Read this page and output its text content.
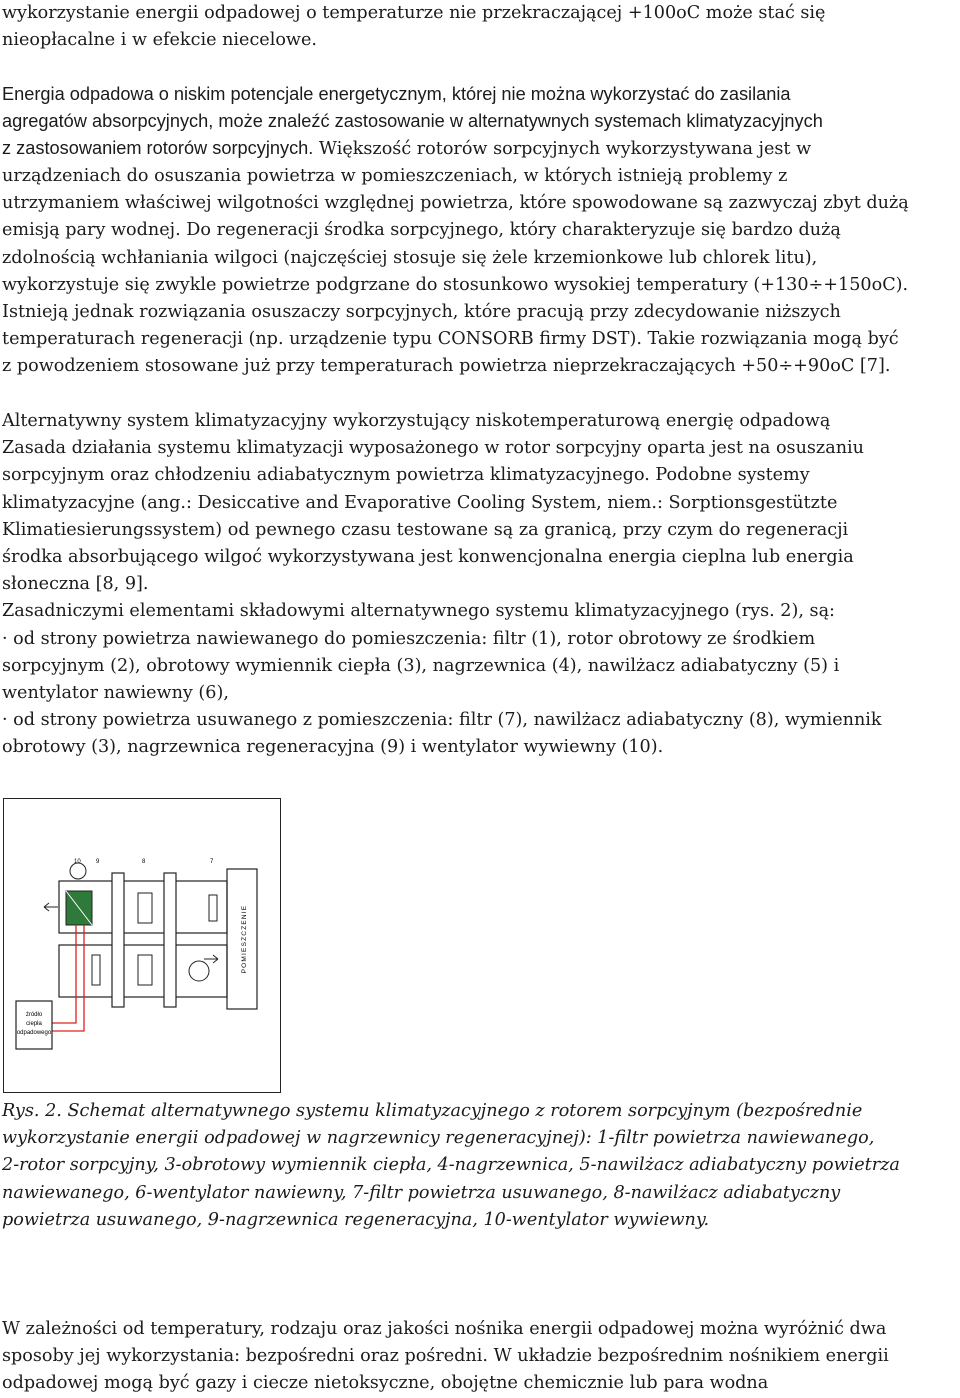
wykorzystanie energii odpadowej o temperaturze nie przekraczającej +100oC może stać się
nieopłacalne i w efekcie niecelowe.

Energia odpadowa o niskim potencjale energetycznym, której nie można wykorzystać do zasilania
agregatów absorpcyjnych, może znaleźć zastosowanie w alternatywnych systemach klimatyzacyjnych
z zastosowaniem rotorów sorpcyjnych. Większość rotorów sorpcyjnych wykorzystywana jest w

urządzeniach do osuszania powietrza w pomieszczeniach, w których istnieją problemy z
utrzymaniem właściwej wilgotności względnej powietrza, które spowodowane są zazwyczaj zbyt dużą
emisją pary wodnej. Do regeneracji środka sorpcyjnego, który charakteryzuje się bardzo dużą
zdolnością wchłaniania wilgoci (najczęściej stosuje się żele krzemionkowe lub chlorek litu),
wykorzystuje się zwykle powietrze podgrzane do stosunkowo wysokiej temperatury (+130÷+150oC).
Istnieją jednak rozwiązania osuszaczy sorpcyjnych, które pracują przy zdecydowanie niższych
temperaturach regeneracji (np. urządzenie typu CONSORB firmy DST). Takie rozwiązania mogą być
z powodzeniem stosowane już przy temperaturach powietrza nieprzekraczających +50÷+90oC [7].

Alternatywny system klimatyzacyjny wykorzystujący niskotemperaturową energię odpadową
Zasada działania systemu klimatyzacji wyposażonego w rotor sorpcyjny oparta jest na osuszaniu
sorpcyjnym oraz chłodzeniu adiabatycznym powietrza klimatyzacyjnego. Podobne systemy
klimatyzacyjne (ang.: Desiccative and Evaporative Cooling System, niem.: Sorptionsgestützte
Klimatiesierungssystem) od pewnego czasu testowane są za granicą, przy czym do regeneracji
środka absorbującego wilgoć wykorzystywana jest konwencjonalna energia cieplna lub energia
słoneczna [8, 9].
Zasadniczymi elementami składowymi alternatywnego systemu klimatyzacyjnego (rys. 2), są:
· od strony powietrza nawiewanego do pomieszczenia: filtr (1), rotor obrotowy ze środkiem
sorpcyjnym (2), obrotowy wymiennik ciepła (3), nagrzewnica (4), nawilżacz adiabatyczny (5) i
wentylator nawiewny (6),
· od strony powietrza usuwanego z pomieszczenia: filtr (7), nawilżacz adiabatyczny (8), wymiennik
obrotowy (3), nagrzewnica regeneracyjna (9) i wentylator wywiewny (10).

źródło
ciepła
odpadowego
10	9	8	7
POMIESZCZENIE

Rys. 2. Schemat alternatywnego systemu klimatyzacyjnego z rotorem sorpcyjnym (bezpośrednie
wykorzystanie energii odpadowej w nagrzewnicy regeneracyjnej): 1-filtr powietrza nawiewanego,
2-rotor sorpcyjny, 3-obrotowy wymiennik ciepła, 4-nagrzewnica, 5-nawilżacz adiabatyczny powietrza
nawiewanego, 6-wentylator nawiewny, 7-filtr powietrza usuwanego, 8-nawilżacz adiabatyczny
powietrza usuwanego, 9-nagrzewnica regeneracyjna, 10-wentylator wywiewny.

W zależności od temperatury, rodzaju oraz jakości nośnika energii odpadowej można wyróżnić dwa
sposoby jej wykorzystania: bezpośredni oraz pośredni. W układzie bezpośrednim nośnikiem energii
odpadowej mogą być gazy i ciecze nietoksyczne, obojętne chemicznie lub para wodna
